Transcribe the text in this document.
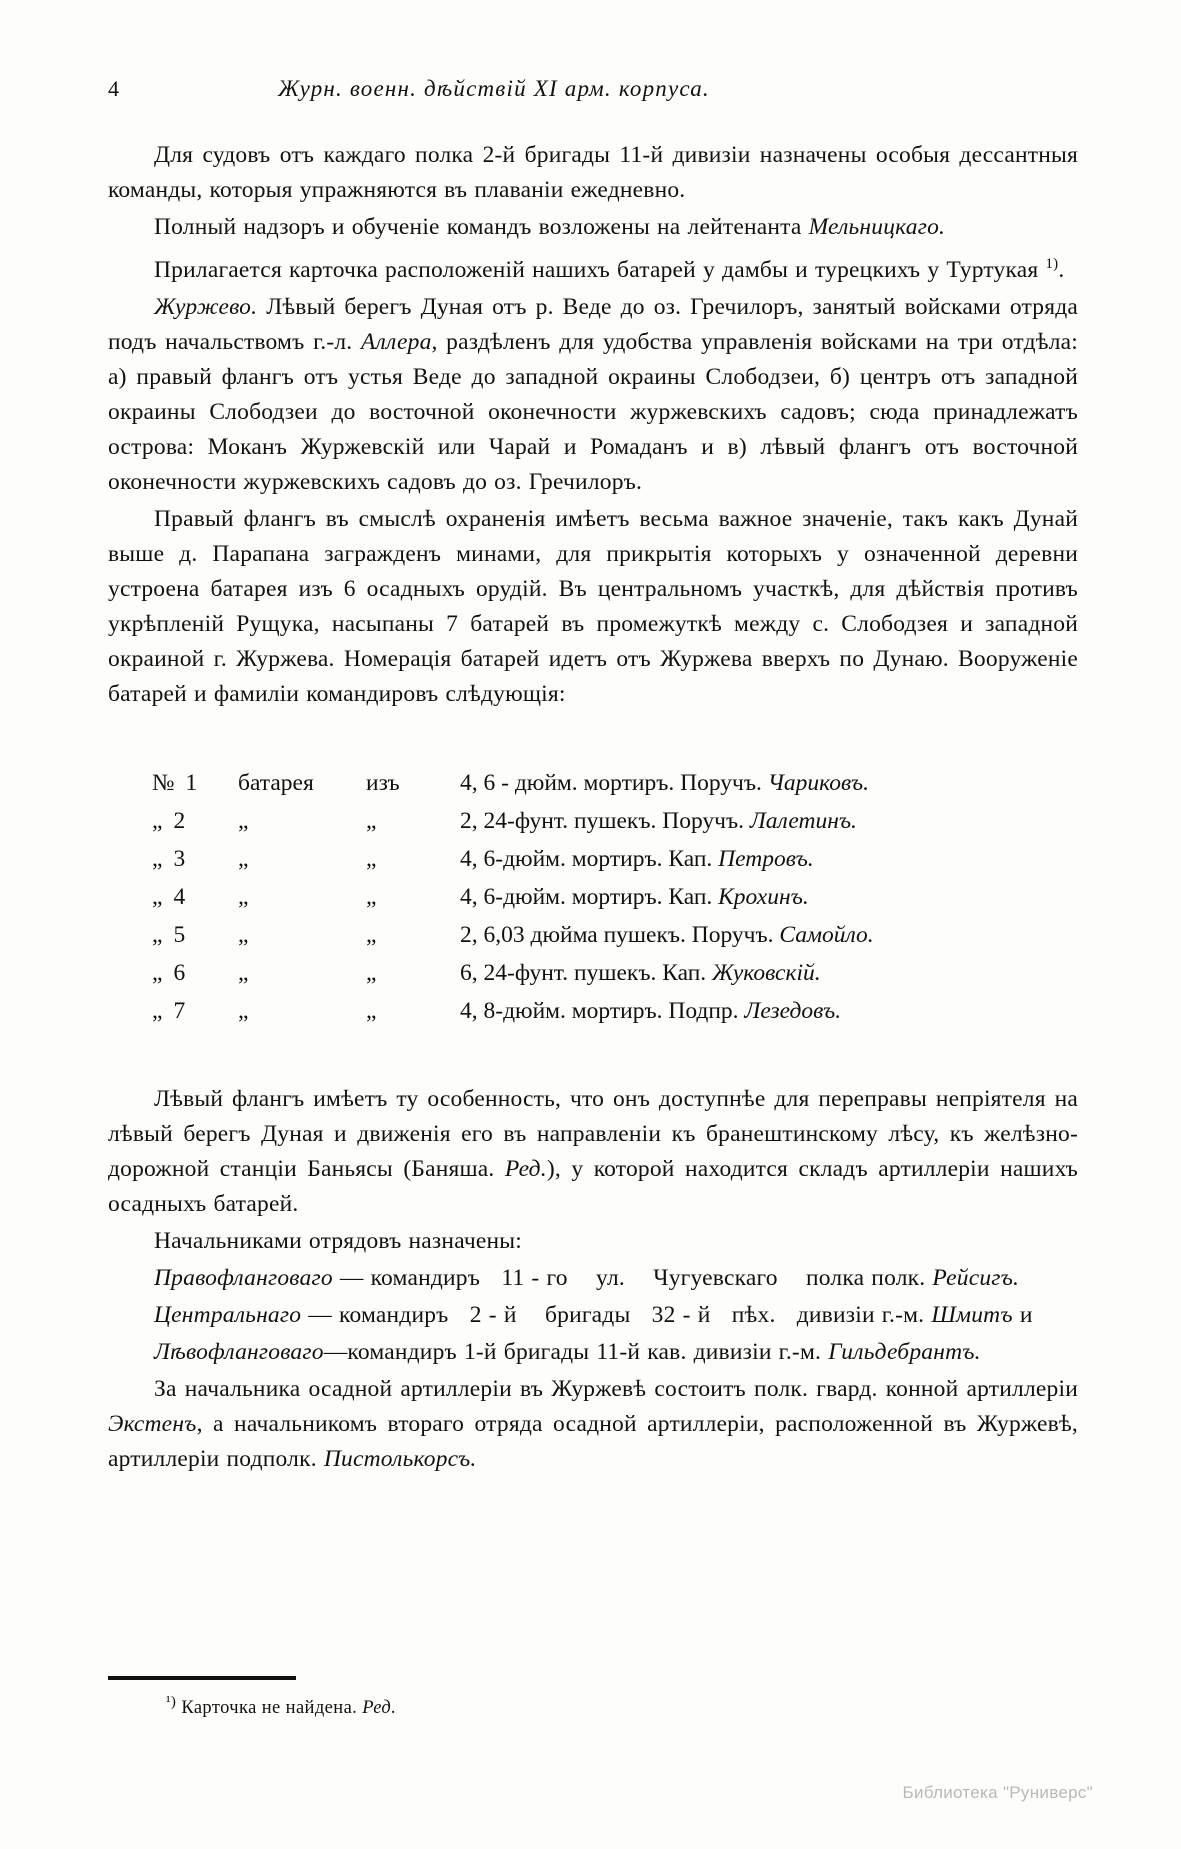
4	Журн. военн. дѣйствій XI арм. корпуса.

Для судовъ отъ каждаго полка 2-й бригады 11-й дивизіи назначены особыя дессантныя команды, которыя упражняются въ плаваніи ежедневно.

Полный надзоръ и обученіе командъ возложены на лейтенанта Мельницкаго.

Прилагается карточка расположеній нашихъ батарей у дамбы и турецкихъ у Туртукая $^{1)}$.

Журжево. Лѣвый берегъ Дуная отъ р. Веде до оз. Гречилоръ, занятый войсками отряда подъ начальствомъ г.-л. Аллера, раздѣленъ для удобства управленія войсками на три отдѣла: а) правый флангъ отъ устья Веде до западной окраины Слободзеи, б) центръ отъ западной окраины Слободзеи до восточной оконечности журжевскихъ садовъ; сюда принадлежатъ острова: Моканъ Журжевскій или Чарай и Ромаданъ и в) лѣвый флангъ отъ восточной оконечности журжевскихъ садовъ до оз. Гречилоръ.

Правый флангъ въ смыслѣ охраненія имѣетъ весьма важное значеніе, такъ какъ Дунай выше д. Парапана загражденъ минами, для прикрытія которыхъ у означенной деревни устроена батарея изъ 6 осадныхъ орудій. Въ центральномъ участкѣ, для дѣйствія противъ укрѣпленій Рущука, насыпаны 7 батарей въ промежуткѣ между с. Слободзея и западной окраиной г. Журжева. Номерація батарей идетъ отъ Журжева вверхъ по Дунаю. Вооруженіе батарей и фамиліи командировъ слѣдующія:

№ 1	батарея	изъ	4, 6 - дюйм. мортиръ. Поручъ. Чариковъ.
„ 2	„	„	2, 24-фунт. пушекъ. Поручъ. Лалетинъ.
„ 3	„	„	4, 6-дюйм. мортиръ. Кап. Петровъ.
„ 4	„	„	4, 6-дюйм. мортиръ. Кап. Крохинъ.
„ 5	„	„	2, 6,03 дюйма пушекъ. Поручъ. Самойло.
„ 6	„	„	6, 24-фунт. пушекъ. Кап. Жуковскій.
„ 7	„	„	4, 8-дюйм. мортиръ. Подпр. Лезедовъ.

Лѣвый флангъ имѣетъ ту особенность, что онъ доступнѣе для переправы непріятеля на лѣвый берегъ Дуная и движенія его въ направленіи къ бранештинскому лѣсу, къ желѣзно-дорожной станціи Баньясы (Баняша. Ред.), у которой находится складъ артиллеріи нашихъ осадныхъ батарей.

Начальниками отрядовъ назначены:

Правофланговаго — командиръ   11 - го    ул.    Чугуевскаго    полка полк. Рейсигъ.

Центральнаго — командиръ   2 - й    бригады   32 - й   пѣх.   дивизіи г.-м. Шмитъ и

Лѣвофланговаго—командиръ 1-й бригады 11-й кав. дивизіи г.-м. Гильдебрантъ.

За начальника осадной артиллеріи въ Журжевѣ состоитъ полк. гвард. конной артиллеріи Экстенъ, а начальникомъ втораго отряда осадной артиллеріи, расположенной въ Журжевѣ, артиллеріи подполк. Пистолькорсъ.

$^{^1)}$ Карточка не найдена. Ред.
Библиотека "Руниверс"
